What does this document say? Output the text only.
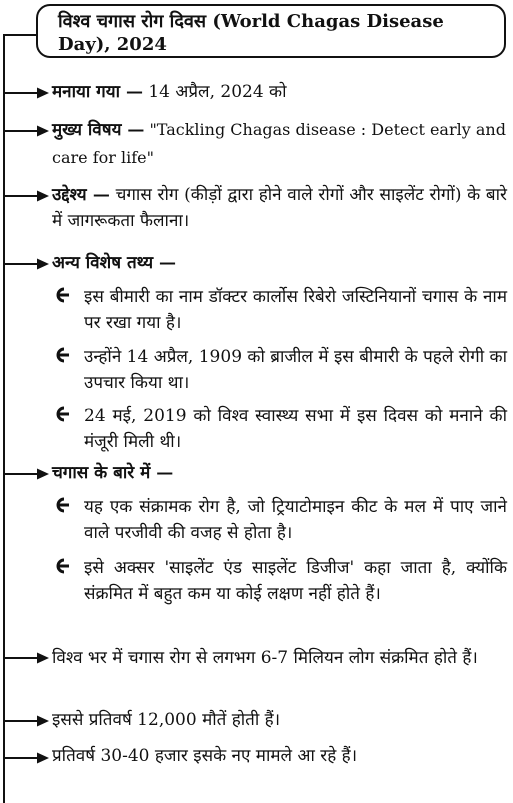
विश्व चगास रोग दिवस (World Chagas Disease Day), 2024
मनाया गया — 14 अप्रैल, 2024 को
मुख्य विषय — "Tackling Chagas disease : Detect early and care for life"
उद्देश्य — चगास रोग (कीड़ों द्वारा होने वाले रोगों और साइलेंट रोगों) के बारे में जागरूकता फैलाना।
अन्य विशेष तथ्य —
इस बीमारी का नाम डॉक्टर कार्लोस रिबेरो जस्टिनियानों चगास के नाम पर रखा गया है।
उन्होंने 14 अप्रैल, 1909 को ब्राजील में इस बीमारी के पहले रोगी का उपचार किया था।
24 मई, 2019 को विश्व स्वास्थ्य सभा में इस दिवस को मनाने की मंजूरी मिली थी।
चगास के बारे में —
यह एक संक्रामक रोग है, जो ट्रियाटोमाइन कीट के मल में पाए जाने वाले परजीवी की वजह से होता है।
इसे अक्सर 'साइलेंट एंड साइलेंट डिजीज' कहा जाता है, क्योंकि संक्रमित में बहुत कम या कोई लक्षण नहीं होते हैं।
विश्व भर में चगास रोग से लगभग 6-7 मिलियन लोग संक्रमित होते हैं।
इससे प्रतिवर्ष 12,000 मौतें होती हैं।
प्रतिवर्ष 30-40 हजार इसके नए मामले आ रहे हैं।
